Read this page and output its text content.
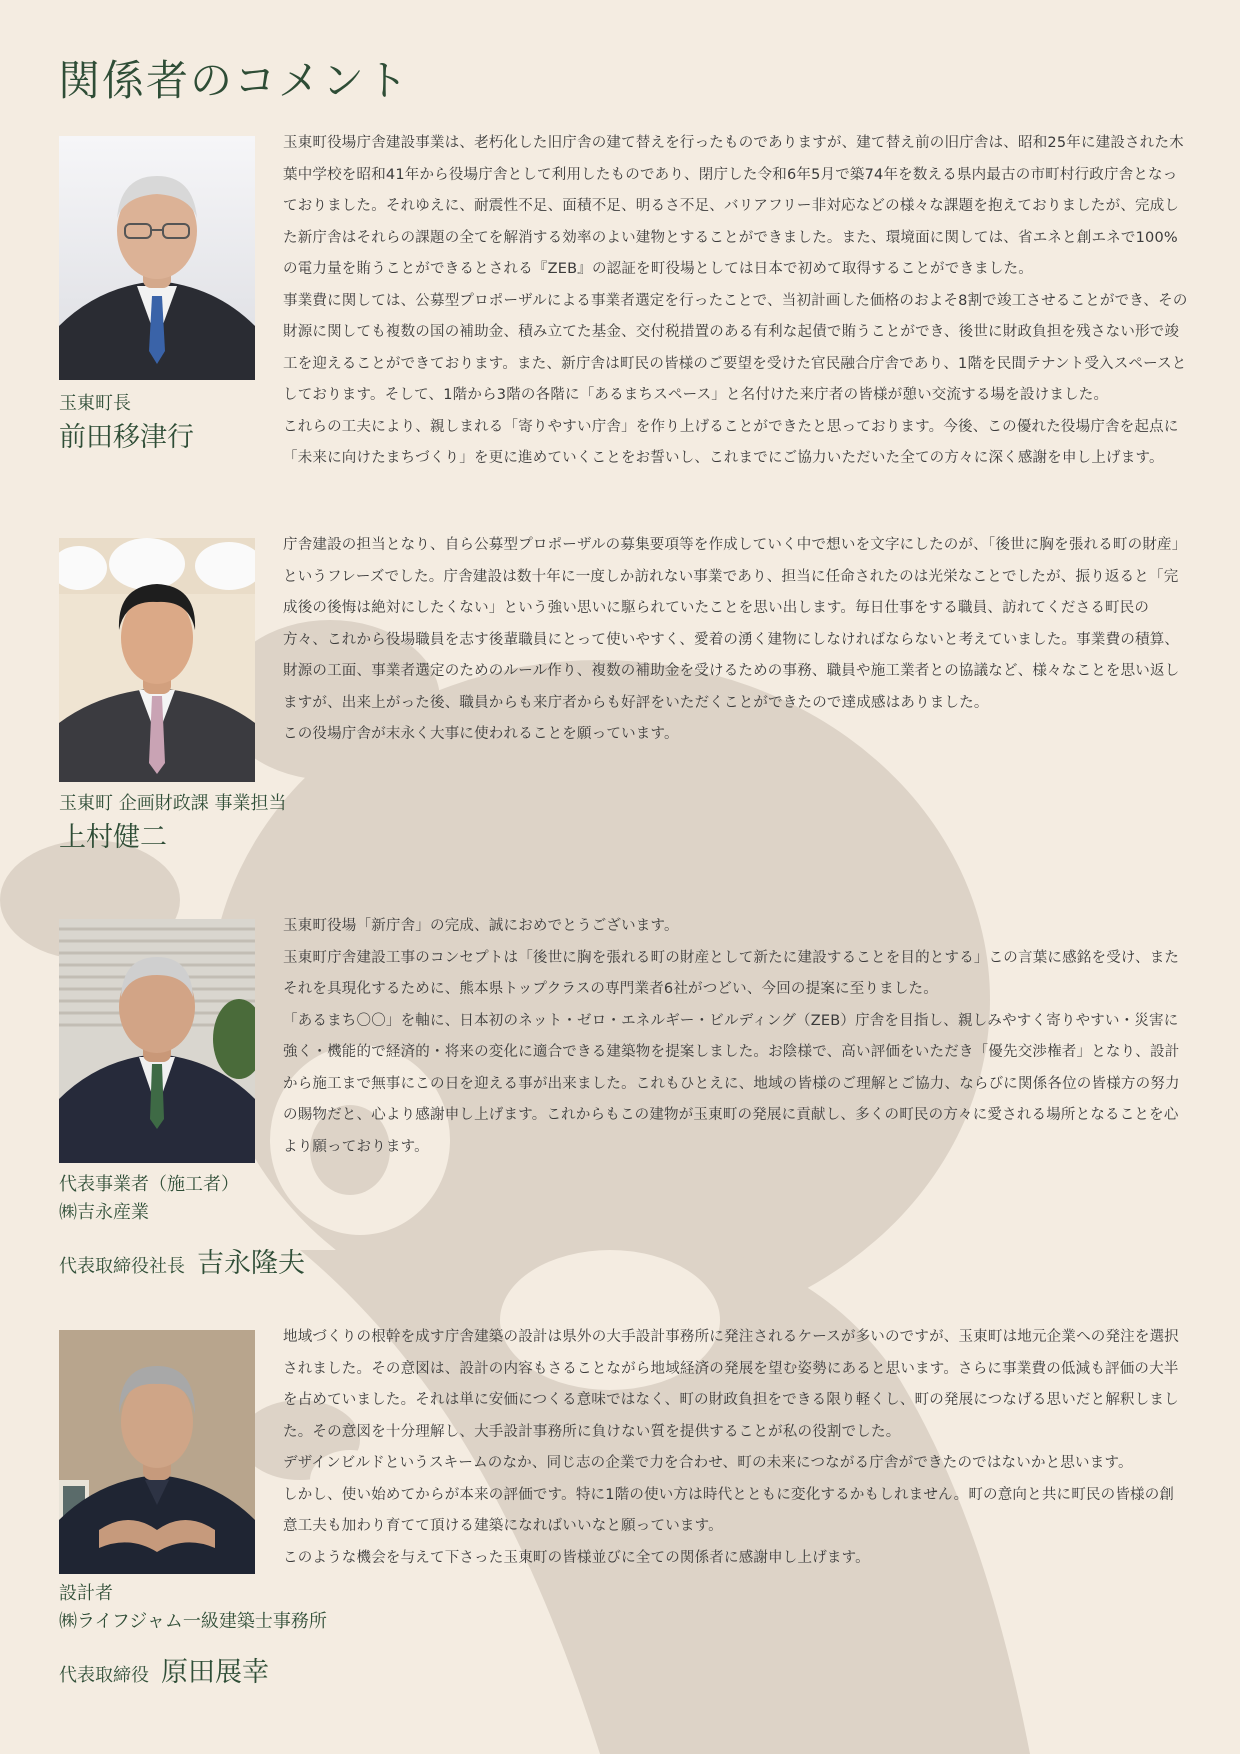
関係者のコメント
玉東町長
前田移津行

玉東町役場庁舎建設事業は、老朽化した旧庁舎の建て替えを行ったものでありますが、建て替え前の旧庁舎は、昭和25年に建設された木葉中学校を昭和41年から役場庁舎として利用したものであり、閉庁した令和6年5月で築74年を数える県内最古の市町村行政庁舎となっておりました。それゆえに、耐震性不足、面積不足、明るさ不足、バリアフリー非対応などの様々な課題を抱えておりましたが、完成した新庁舎はそれらの課題の全てを解消する効率のよい建物とすることができました。また、環境面に関しては、省エネと創エネで100%の電力量を賄うことができるとされる『ZEB』の認証を町役場としては日本で初めて取得することができました。

事業費に関しては、公募型プロポーザルによる事業者選定を行ったことで、当初計画した価格のおよそ8割で竣工させることができ、その財源に関しても複数の国の補助金、積み立てた基金、交付税措置のある有利な起債で賄うことができ、後世に財政負担を残さない形で竣工を迎えることができております。また、新庁舎は町民の皆様のご要望を受けた官民融合庁舎であり、1階を民間テナント受入スペースとしております。そして、1階から3階の各階に「あるまちスペース」と名付けた来庁者の皆様が憩い交流する場を設けました。

これらの工夫により、親しまれる「寄りやすい庁舎」を作り上げることができたと思っております。今後、この優れた役場庁舎を起点に「未来に向けたまちづくり」を更に進めていくことをお誓いし、これまでにご協力いただいた全ての方々に深く感謝を申し上げます。

玉東町 企画財政課 事業担当
上村健二

庁舎建設の担当となり、自ら公募型プロポーザルの募集要項等を作成していく中で想いを文字にしたのが、「後世に胸を張れる町の財産」というフレーズでした。庁舎建設は数十年に一度しか訪れない事業であり、担当に任命されたのは光栄なことでしたが、振り返ると「完成後の後悔は絶対にしたくない」という強い思いに駆られていたことを思い出します。毎日仕事をする職員、訪れてくださる町民の方々、これから役場職員を志す後輩職員にとって使いやすく、愛着の湧く建物にしなければならないと考えていました。事業費の積算、財源の工面、事業者選定のためのルール作り、複数の補助金を受けるための事務、職員や施工業者との協議など、様々なことを思い返しますが、出来上がった後、職員からも来庁者からも好評をいただくことができたので達成感はありました。

この役場庁舎が末永く大事に使われることを願っています。

代表事業者（施工者）
㈱吉永産業
代表取締役社長 吉永隆夫

玉東町役場「新庁舎」の完成、誠におめでとうございます。

玉東町庁舎建設工事のコンセプトは「後世に胸を張れる町の財産として新たに建設することを目的とする」この言葉に感銘を受け、またそれを具現化するために、熊本県トップクラスの専門業者6社がつどい、今回の提案に至りました。

「あるまち〇〇」を軸に、日本初のネット・ゼロ・エネルギー・ビルディング（ZEB）庁舎を目指し、親しみやすく寄りやすい・災害に強く・機能的で経済的・将来の変化に適合できる建築物を提案しました。お陰様で、高い評価をいただき「優先交渉権者」となり、設計から施工まで無事にこの日を迎える事が出来ました。これもひとえに、地域の皆様のご理解とご協力、ならびに関係各位の皆様方の努力の賜物だと、心より感謝申し上げます。これからもこの建物が玉東町の発展に貢献し、多くの町民の方々に愛される場所となることを心より願っております。

設計者
㈱ライフジャム一級建築士事務所
代表取締役 原田展幸

地域づくりの根幹を成す庁舎建築の設計は県外の大手設計事務所に発注されるケースが多いのですが、玉東町は地元企業への発注を選択されました。その意図は、設計の内容もさることながら地域経済の発展を望む姿勢にあると思います。さらに事業費の低減も評価の大半を占めていました。それは単に安価につくる意味ではなく、町の財政負担をできる限り軽くし、町の発展につなげる思いだと解釈しました。その意図を十分理解し、大手設計事務所に負けない質を提供することが私の役割でした。

デザインビルドというスキームのなか、同じ志の企業で力を合わせ、町の未来につながる庁舎ができたのではないかと思います。

しかし、使い始めてからが本来の評価です。特に1階の使い方は時代とともに変化するかもしれません。町の意向と共に町民の皆様の創意工夫も加わり育てて頂ける建築になればいいなと願っています。

このような機会を与えて下さった玉東町の皆様並びに全ての関係者に感謝申し上げます。
